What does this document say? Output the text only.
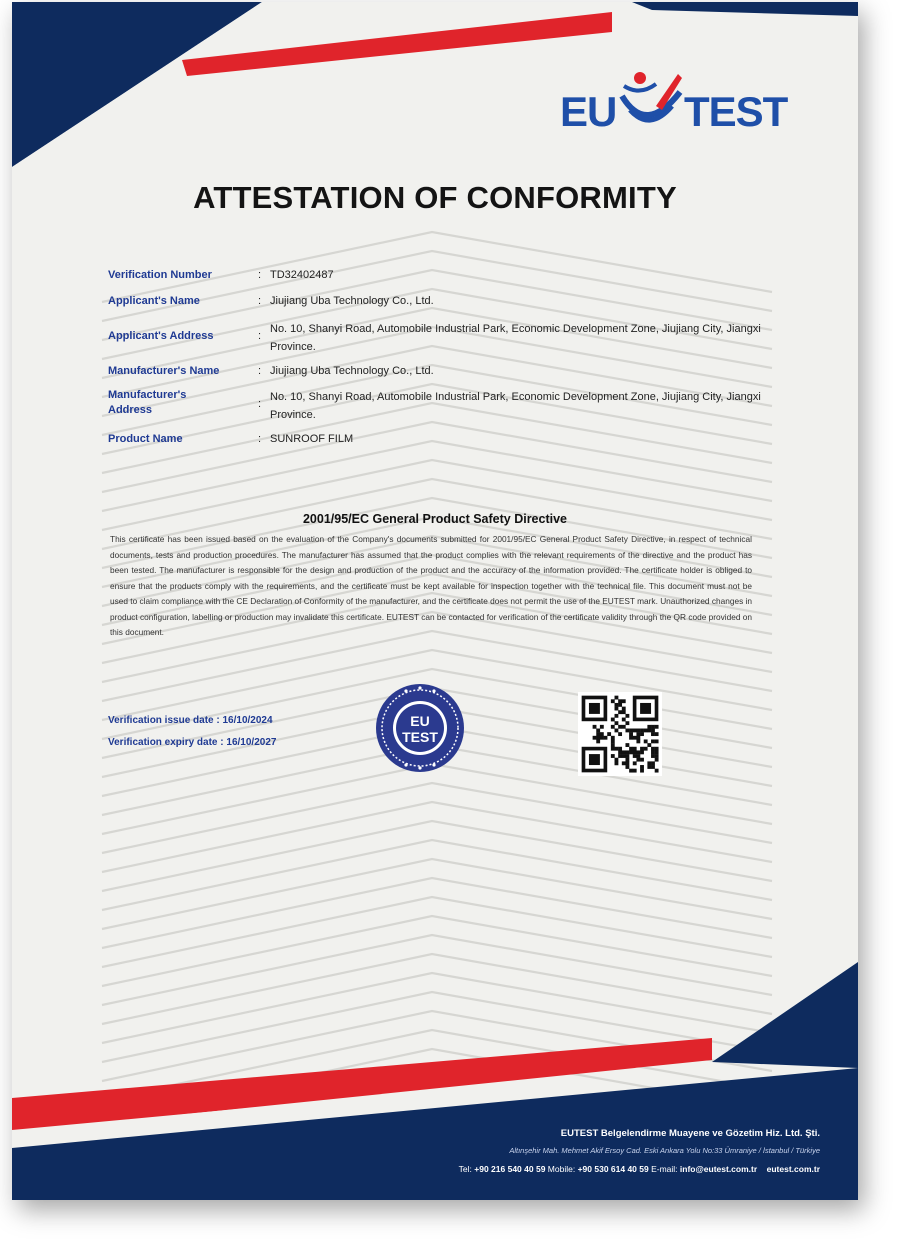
EU TEST
ATTESTATION OF CONFORMITY
Verification Number	: TD32402487
Applicant's Name	: Jiujiang Uba Technology Co., Ltd.
Applicant's Address	:
No. 10, Shanyi Road, Automobile Industrial Park, Economic Development Zone, Jiujiang City, Jiangxi Province.
Manufacturer's Name	: Jiujiang Uba Technology Co., Ltd.
Manufacturer's Address	:
No. 10, Shanyi Road, Automobile Industrial Park, Economic Development Zone, Jiujiang City, Jiangxi Province.
Product Name	: SUNROOF FILM
2001/95/EC General Product Safety Directive
This certificate has been issued based on the evaluation of the Company's documents submitted for 2001/95/EC General Product Safety Directive, in respect of technical documents, tests and production procedures. The manufacturer has assumed that the product complies with the relevant requirements of the directive and the product has been tested. The manufacturer is responsible for the design and production of the product and the accuracy of the information provided. The certificate holder is obliged to ensure that the products comply with the requirements, and the certificate must be kept available for inspection together with the technical file. This document must not be used to claim compliance with the CE Declaration of Conformity of the manufacturer, and the certificate does not permit the use of the EUTEST mark. Unauthorized changes in product configuration, labelling or production may invalidate this certificate. EUTEST can be contacted for verification of the certificate validity through the QR code provided on this document.
Verification issue date : 16/10/2024
Verification expiry date : 16/10/2027
EU
TEST
EUTEST Belgelendirme Muayene ve Gözetim Hiz. Ltd. Şti.
Altınşehir Mah. Mehmet Akif Ersoy Cad. Eski Ankara Yolu No:33 Ümraniye / İstanbul / Türkiye
Tel: +90 216 540 40 59 Mobile: +90 530 614 40 59 E-mail: info@eutest.com.tr eutest.com.tr
